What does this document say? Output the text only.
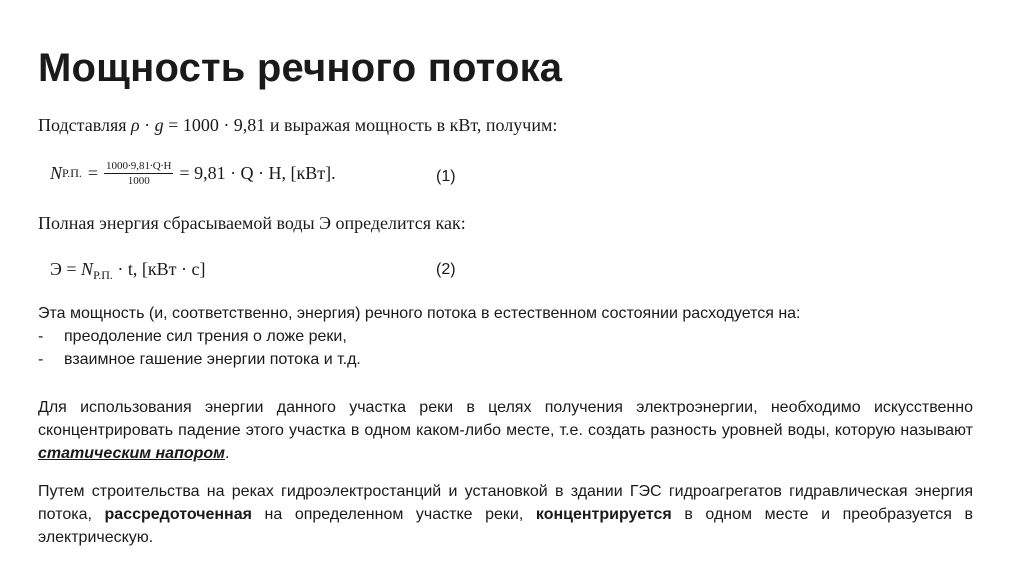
Мощность речного потока
Подставляя ρ · g = 1000 · 9,81 и выражая мощность в кВт, получим:
N Р.П. = $\frac{1000\cdot 9,81\cdot Q\cdot H}{1000} = 9,81 \cdot Q \cdot H$, [кВт].	(1)
Полная энергия сбрасываемой воды Э определится как:
$Э = N_{Р.П.} \cdot t$, [кВт · с]	(2)
Эта мощность (и, соответственно, энергия) речного потока в естественном состоянии расходуется на:
-	преодоление сил трения о ложе реки,
-	взаимное гашение энергии потока и т.д.
Для использования энергии данного участка реки в целях получения электроэнергии, необходимо искусственно сконцентрировать падение этого участка в одном каком-либо месте, т.е. создать разность уровней воды, которую называют статическим напором.
Путем строительства на реках гидроэлектростанций и установкой в здании ГЭС гидроагрегатов гидравлическая энергия потока, рассредоточенная на определенном участке реки, концентрируется в одном месте и преобразуется в электрическую.
